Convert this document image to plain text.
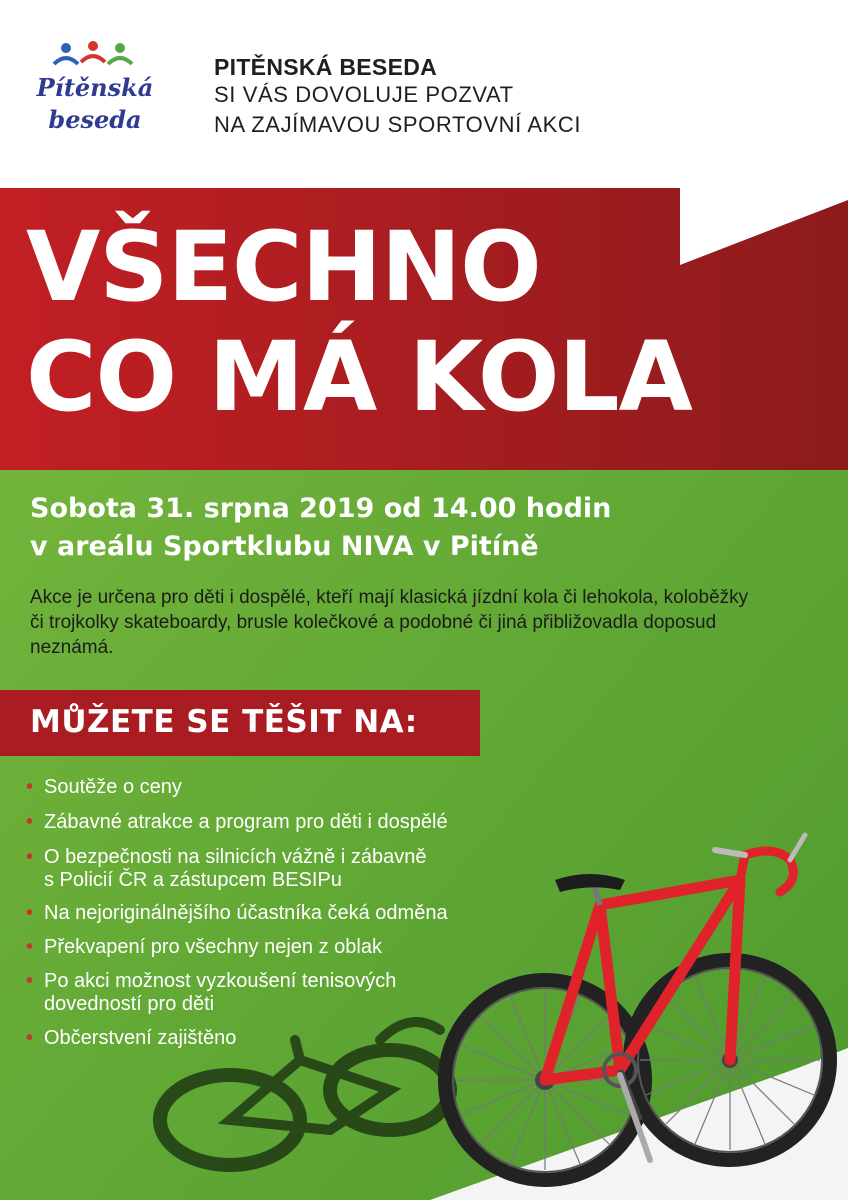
Pítěnská
beseda
PITĚNSKÁ BESEDA
SI VÁS DOVOLUJE POZVAT
NA ZAJÍMAVOU SPORTOVNÍ AKCI
VŠECHNO
CO MÁ KOLA
Sobota 31. srpna 2019 od 14.00 hodin
v areálu Sportklubu NIVA v Pitíně
Akce je určena pro děti i dospělé, kteří mají klasická jízdní kola či lehokola, koloběžky
či trojkolky skateboardy, brusle kolečkové a podobné či jiná přibližovadla doposud
neznámá.
MŮŽETE SE TĚŠIT NA:
• Soutěže o ceny
• Zábavné atrakce a program pro děti i dospělé
• O bezpečnosti na silnicích vážně i zábavně
s Policií ČR a zástupcem BESIPu
• Na nejoriginálnějšího účastníka čeká odměna
• Překvapení pro všechny nejen z oblak
• Po akci možnost vyzkoušení tenisových
dovedností pro děti
• Občerstvení zajištěno
